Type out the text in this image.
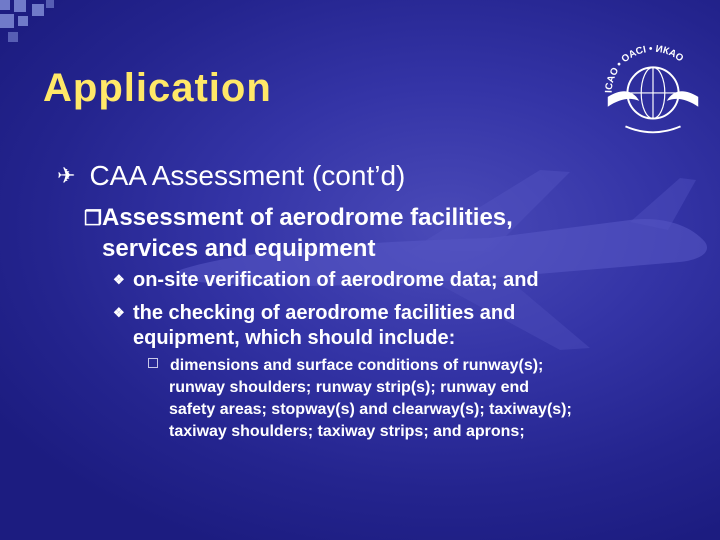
ICAO • OACI • ИКАО
Application
✈ CAA Assessment (cont’d)
❒Assessment of aerodrome facilities,
services and equipment
❖ on-site verification of aerodrome data; and
❖ the checking of aerodrome facilities and
equipment, which should include:
dimensions and surface conditions of runway(s);
runway shoulders; runway strip(s); runway end
safety areas; stopway(s) and clearway(s); taxiway(s);
taxiway shoulders; taxiway strips; and aprons;
